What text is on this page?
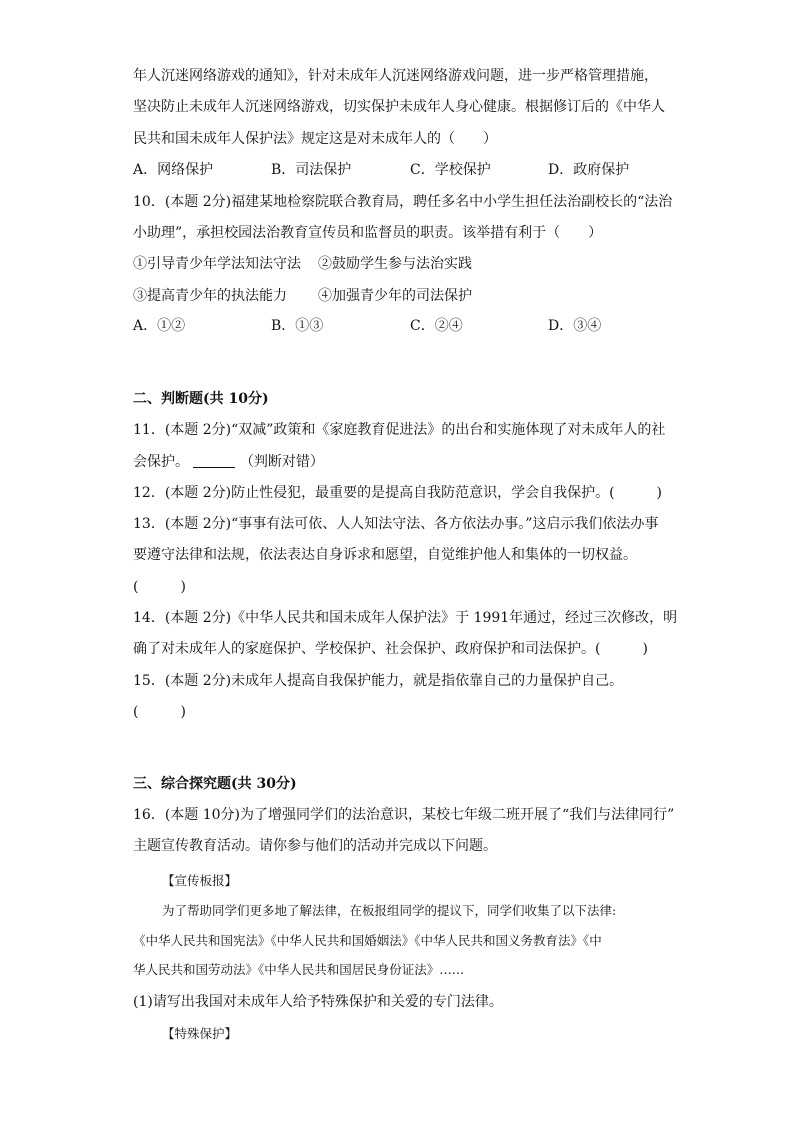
年人沉迷网络游戏的通知》，针对未成年人沉迷网络游戏问题，进一步严格管理措施，
坚决防止未成年人沉迷网络游戏，切实保护未成年人身心健康。根据修订后的《中华人
民共和国未成年人保护法》规定这是对未成年人的（　　）
A．网络保护	B．司法保护	C．学校保护	D．政府保护
10．(本题 2分)福建某地检察院联合教育局，聘任多名中小学生担任法治副校长的“法治
小助理”，承担校园法治教育宣传员和监督员的职责。该举措有利于（　　）
①引导青少年学法知法守法 ②鼓励学生参与法治实践
③提高青少年的执法能力 ④加强青少年的司法保护
A．①②	B．①③	C．②④	D．③④
二、判断题(共 10分)
11．(本题 2分)“双减”政策和《家庭教育促进法》的出台和实施体现了对未成年人的社
会保护。	（判断对错）
12．(本题 2分)防止性侵犯，最重要的是提高自我防范意识，学会自我保护。(　　　)
13．(本题 2分)“事事有法可依、人人知法守法、各方依法办事。”这启示我们依法办事
要遵守法律和法规，依法表达自身诉求和愿望，自觉维护他人和集体的一切权益。
(　　　)
14．(本题 2分)《中华人民共和国未成年人保护法》于 1991年通过，经过三次修改，明
确了对未成年人的家庭保护、学校保护、社会保护、政府保护和司法保护。(　　　)
15．(本题 2分)未成年人提高自我保护能力，就是指依靠自己的力量保护自己。
(　　　)
三、综合探究题(共 30分)
16．(本题 10分)为了增强同学们的法治意识，某校七年级二班开展了“我们与法律同行”
主题宣传教育活动。请你参与他们的活动并完成以下问题。
【宣传板报】
为了帮助同学们更多地了解法律，在板报组同学的提议下，同学们收集了以下法律:
《中华人民共和国宪法》《中华人民共和国婚姻法》《中华人民共和国义务教育法》《中
华人民共和国劳动法》《中华人民共和国居民身份证法》……
(1)请写出我国对未成年人给予特殊保护和关爱的专门法律。
【特殊保护】
